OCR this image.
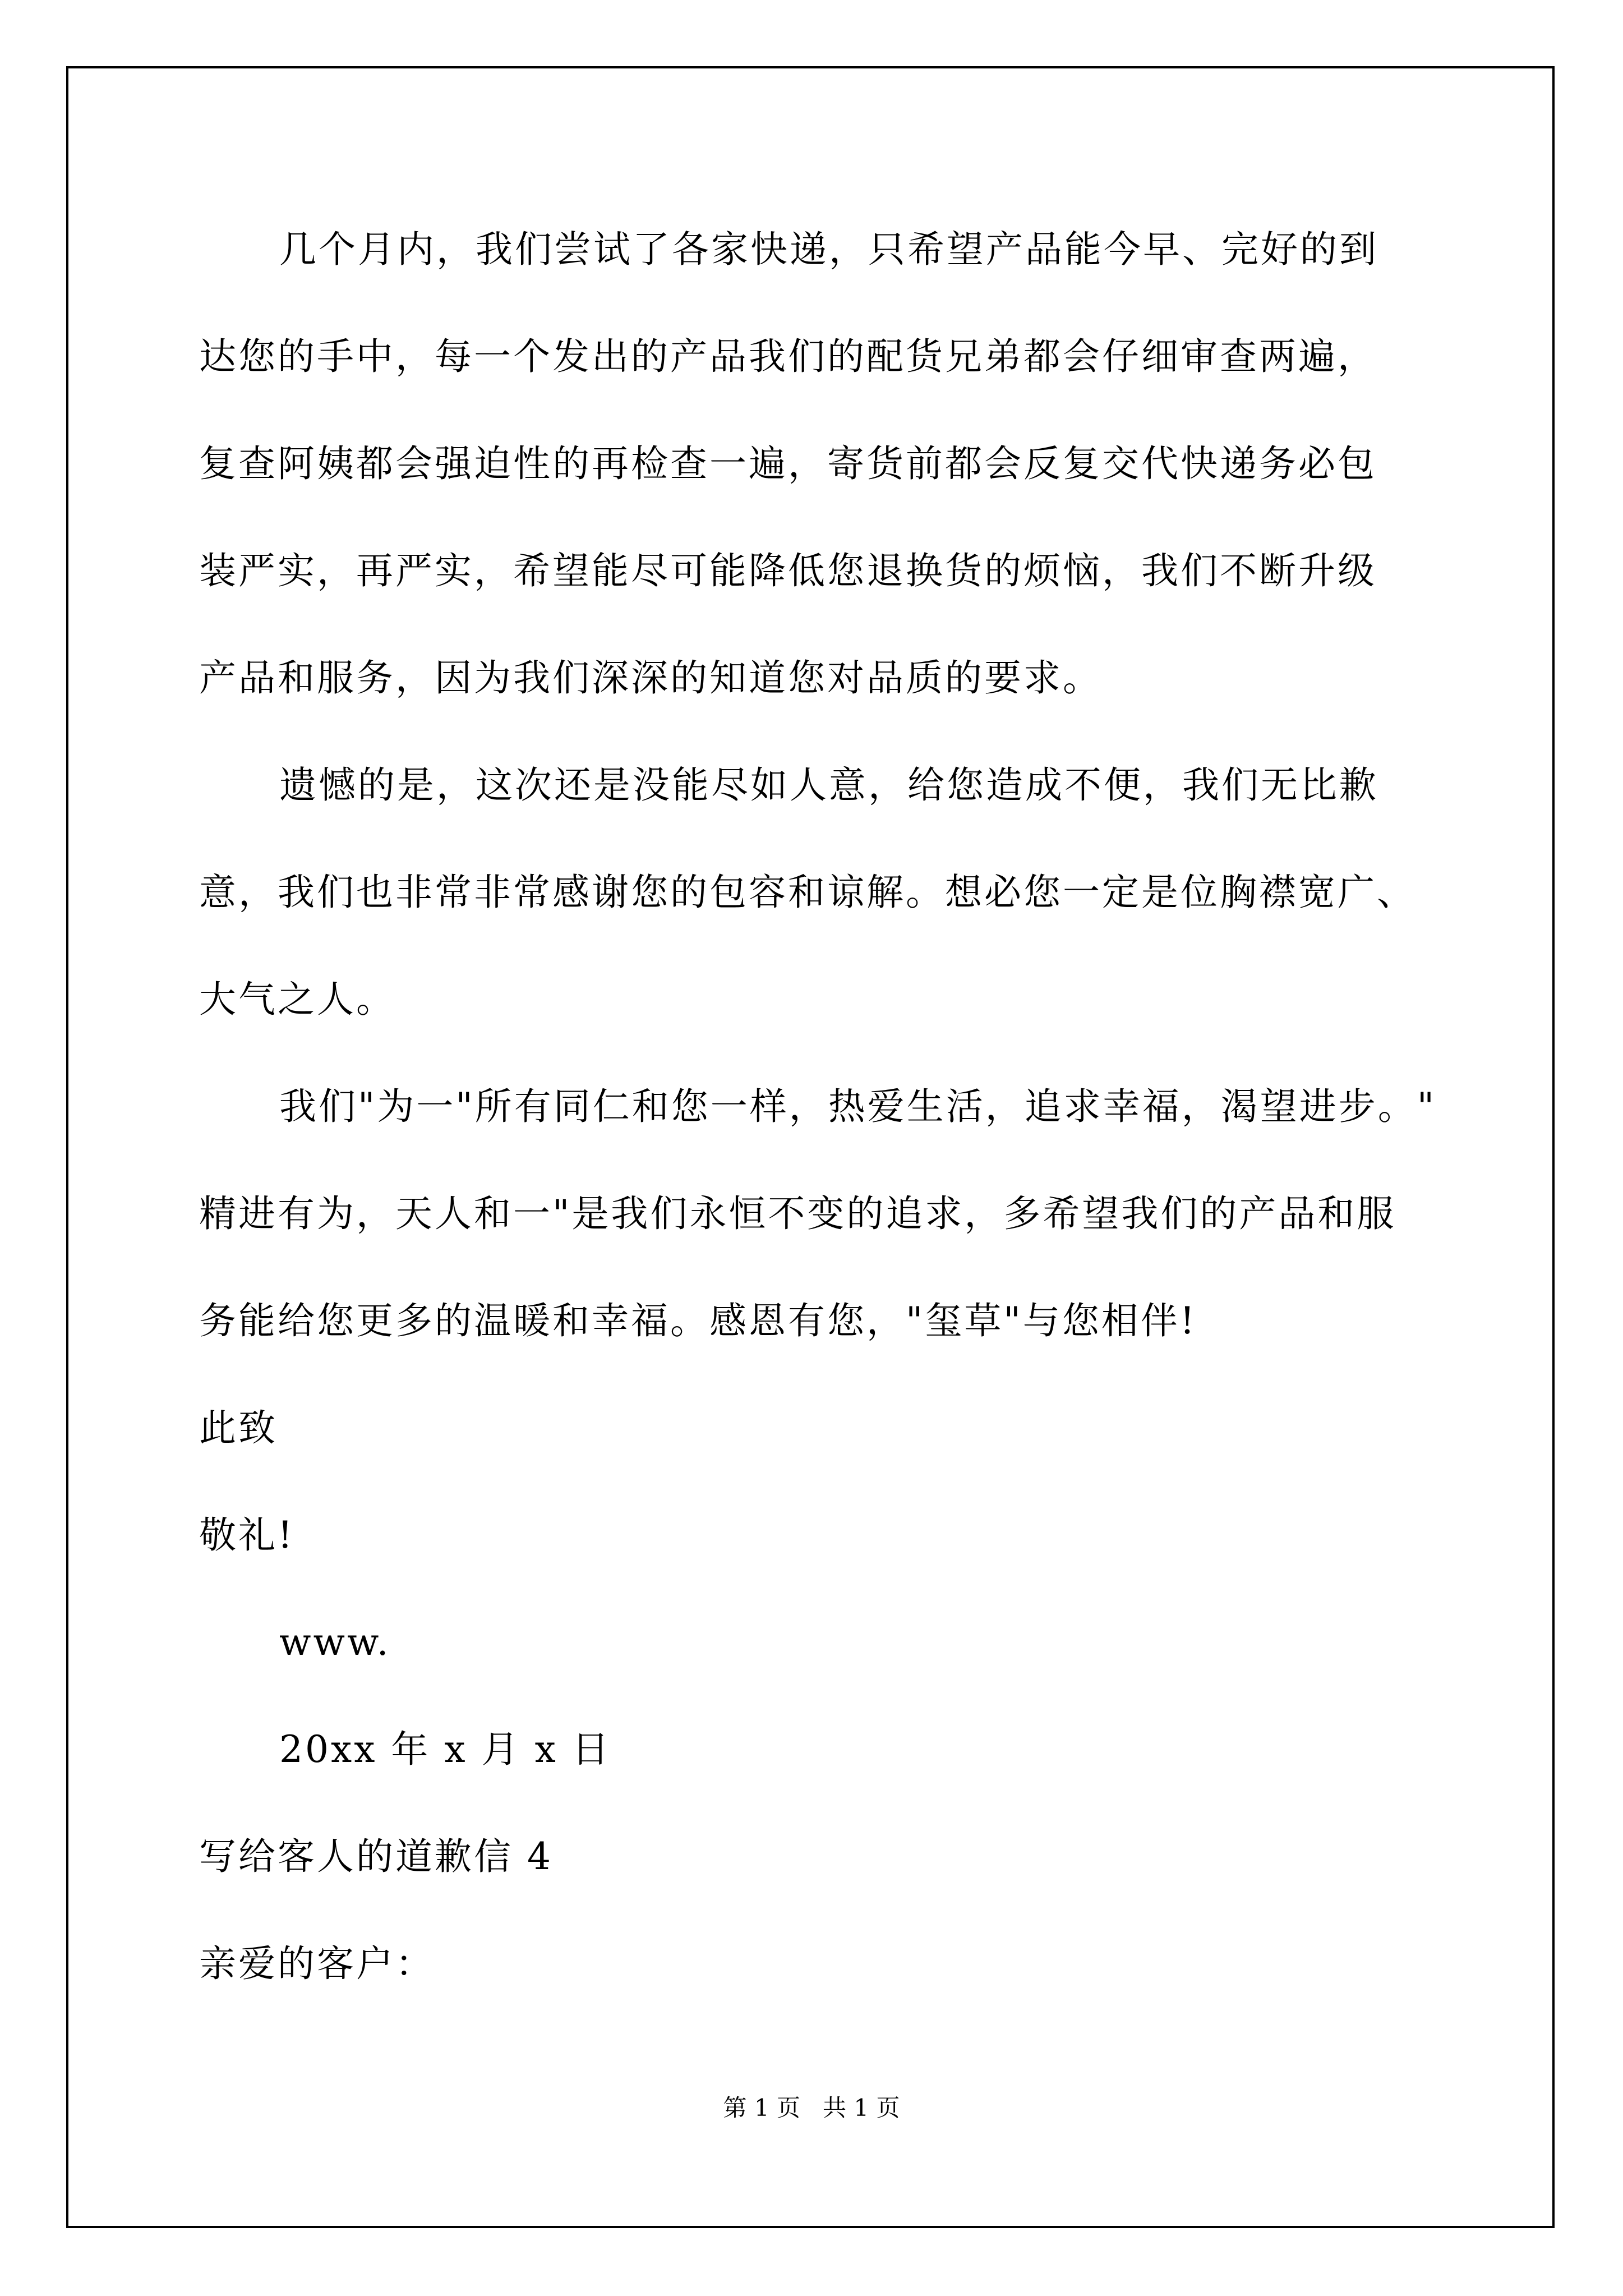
几个月内，我们尝试了各家快递，只希望产品能今早、完好的到
达您的手中，每一个发出的产品我们的配货兄弟都会仔细审查两遍，
复查阿姨都会强迫性的再检查一遍，寄货前都会反复交代快递务必包
装严实，再严实，希望能尽可能降低您退换货的烦恼，我们不断升级
产品和服务，因为我们深深的知道您对品质的要求。
遗憾的是，这次还是没能尽如人意，给您造成不便，我们无比歉
意，我们也非常非常感谢您的包容和谅解。想必您一定是位胸襟宽广、
大气之人。
我们"为一"所有同仁和您一样，热爱生活，追求幸福，渴望进步。"
精进有为，天人和一"是我们永恒不变的追求，多希望我们的产品和服
务能给您更多的温暖和幸福。感恩有您，"玺草"与您相伴!
此致
敬礼!
www.
20xx 年 x 月 x 日
写给客人的道歉信 4
亲爱的客户：
第 1 页   共 1 页
